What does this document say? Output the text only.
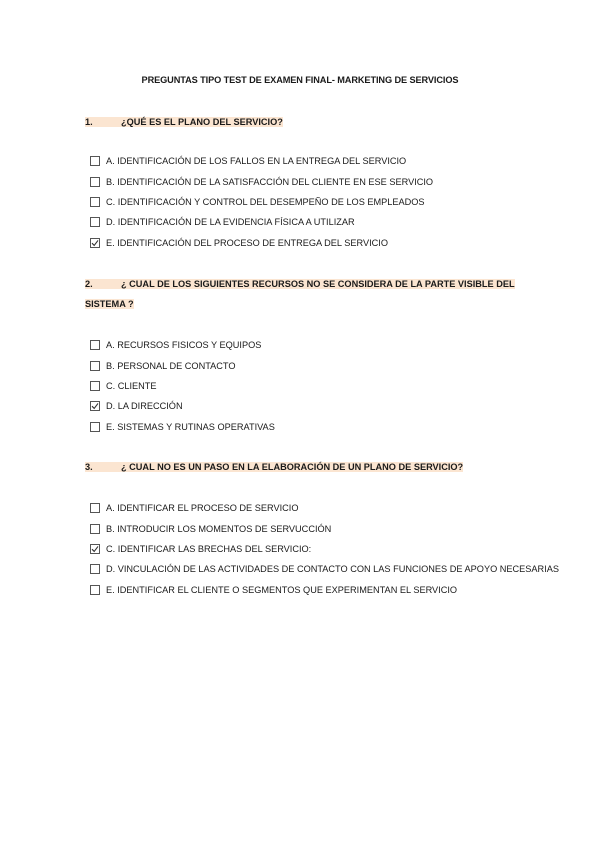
PREGUNTAS TIPO TEST DE EXAMEN FINAL- MARKETING DE SERVICIOS
1.	¿QUÉ ES EL PLANO DEL SERVICIO?
A. IDENTIFICACIÓN DE LOS FALLOS EN LA ENTREGA DEL SERVICIO
B. IDENTIFICACIÓN DE LA SATISFACCIÓN DEL CLIENTE EN ESE SERVICIO
C. IDENTIFICACIÓN Y CONTROL DEL DESEMPEÑO DE LOS EMPLEADOS
D. IDENTIFICACIÓN DE LA EVIDENCIA FÍSICA A UTILIZAR
E. IDENTIFICACIÓN DEL PROCESO DE ENTREGA DEL SERVICIO
2.	¿ CUAL DE LOS SIGUIENTES RECURSOS NO SE CONSIDERA DE LA PARTE VISIBLE DEL
SISTEMA ?
A. RECURSOS FISICOS Y EQUIPOS
B. PERSONAL DE CONTACTO
C. CLIENTE
D. LA DIRECCIÓN
E. SISTEMAS Y RUTINAS OPERATIVAS
3.	¿ CUAL NO ES UN PASO EN LA ELABORACIÓN DE UN PLANO DE SERVICIO?
A. IDENTIFICAR EL PROCESO DE SERVICIO
B. INTRODUCIR LOS MOMENTOS DE SERVUCCIÓN
C. IDENTIFICAR LAS BRECHAS DEL SERVICIO:
D. VINCULACIÓN DE LAS ACTIVIDADES DE CONTACTO CON LAS FUNCIONES DE APOYO NECESARIAS
E. IDENTIFICAR EL CLIENTE O SEGMENTOS QUE EXPERIMENTAN EL SERVICIO
